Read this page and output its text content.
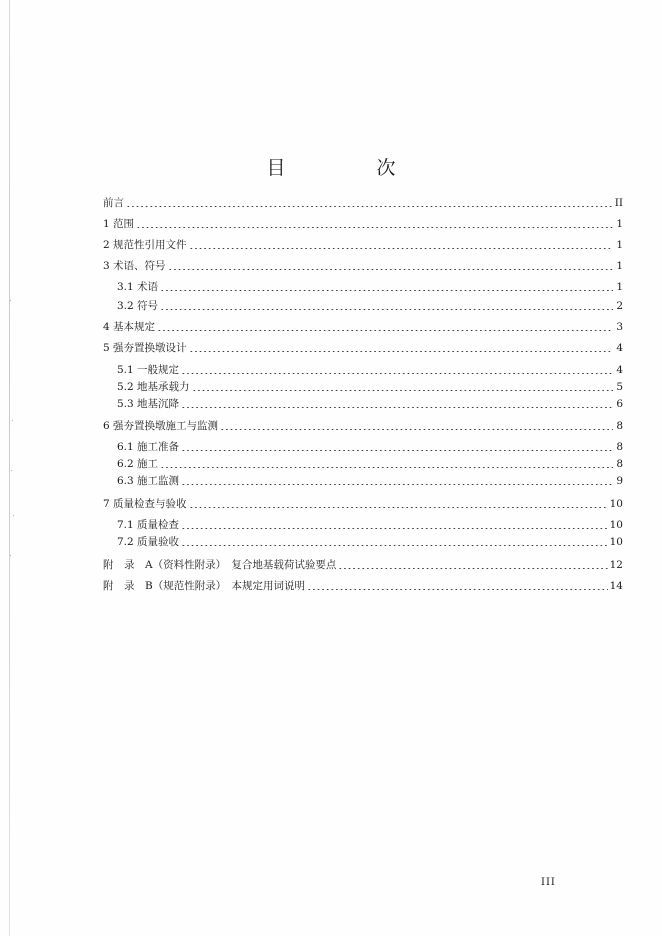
目　次
前言	II
1 范围	1
2 规范性引用文件	1
3 术语、符号	1
3.1 术语	1
3.2 符号	2
4 基本规定	3
5 强夯置换墩设计	4
5.1 一般规定	4
5.2 地基承载力	5
5.3 地基沉降	6
6 强夯置换墩施工与监测	8
6.1 施工准备	8
6.2 施工	8
6.3 施工监测	9
7 质量检查与验收	10
7.1 质量检查	10
7.2 质量验收	10
附　录　A（资料性附录）　复合地基载荷试验要点	12
附　录　B（规范性附录）　本规定用词说明	14
III
